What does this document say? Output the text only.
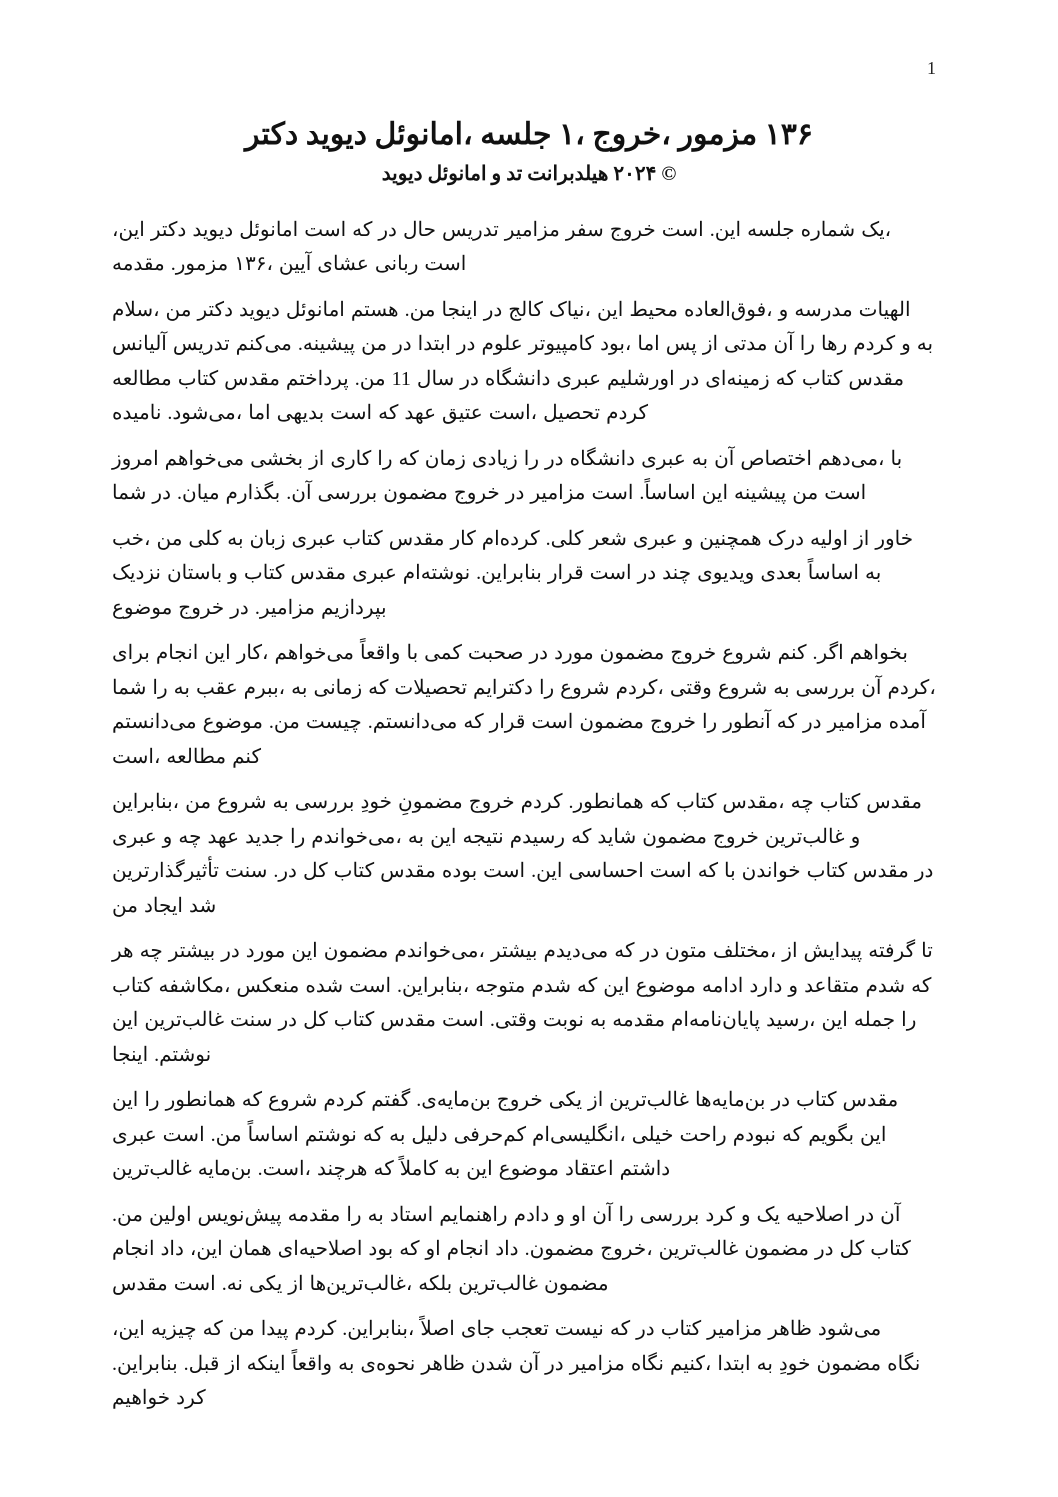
1
دکتر دیوید امانوئل، جلسه ۱، خروج، مزمور ۱۳۶
دیوید امانوئل و تد هیلدبرانت ۲۰۲۴ ©

،این دکتر دیوید امانوئل است که در حال تدریس مزامیر سفر خروج است .این جلسه شماره یک، مقدمه .مزمور ۱۳۶، آیین عشای ربانی است

سلام، من دکتر دیوید امانوئل هستم .من اینجا در کالج نیاک، این محیط فوق‌العاده، و مدرسه الهیات آلیانس تدریس می‌کنم .پیشینه من در ابتدا در علوم کامپیوتر بود، اما پس از مدتی آن را رها کردم و به مطالعه کتاب مقدس پرداختم .من 11 سال در دانشگاه عبری اورشلیم در زمینه‌ای که کتاب مقدس نامیده .می‌شود، اما بدیهی است که عهد عتیق است، تحصیل کردم

امروز می‌خواهم بخشی از کاری را که زمان زیادی را در دانشگاه عبری به آن اختصاص می‌دهم، با شما در .میان بگذارم .آن بررسی مضمون خروج در مزامیر است .اساساً این پیشینه من است

خب، من کلی به زبان عبری کتاب مقدس کار کرده‌ام .کلی شعر عبری و همچنین درک اولیه از خاور نزدیک باستان و کتاب مقدس عبری نوشته‌ام .بنابراین قرار است در چند ویدیوی بعدی اساساً به موضوع خروج در .مزامیر بپردازیم

برای انجام این کار، می‌خواهم واقعاً با کمی صحبت در مورد مضمون خروج شروع کنم .اگر بخواهم شما را به عقب ببرم، به زمانی که تحصیلات دکترایم را شروع کردم، وقتی شروع به بررسی آن کردم، می‌دانستم موضوع .من چیست .می‌دانستم که قرار است مضمون خروج را آنطور که در مزامیر آمده است، مطالعه کنم

بنابراین، من شروع به بررسی خودِ مضمونِ خروج کردم .همانطور که کتاب مقدس، چه کتاب مقدس عبری و چه عهد جدید را می‌خواندم، به این نتیجه رسیدم که شاید مضمون خروج غالب‌ترین و تأثیرگذارترین سنت .در کل کتاب مقدس بوده است .این احساسی است که با خواندن کتاب مقدس در من ایجاد شد

هر چه بیشتر در مورد این مضمون می‌خواندم، بیشتر می‌دیدم که در متون مختلف، از پیدایش گرفته تا کتاب مکاشفه، منعکس شده است .بنابراین، متوجه شدم که این موضوع ادامه دارد و متقاعد شدم که این غالب‌ترین سنت در کل کتاب مقدس است .وقتی نوبت به مقدمه پایان‌نامه‌ام رسید، این جمله را اینجا .نوشتم

این را همانطور که شروع کردم گفتم .بن‌مایه‌ی خروج یکی از غالب‌ترین بن‌مایه‌ها در کتاب مقدس عبری است .من اساساً نوشتم که به دلیل کم‌حرفی انگلیسی‌ام، خیلی راحت نبودم که بگویم این غالب‌ترین بن‌مایه .است، هرچند که کاملاً به این موضوع اعتقاد داشتم

.من اولین پیش‌نویس مقدمه را به استاد راهنمایم دادم و او آن را بررسی کرد و یک اصلاحیه در آن انجام داد ،این همان اصلاحیه‌ای بود که او انجام داد .مضمون خروج، غالب‌ترین مضمون در کل کتاب مقدس است .نه یکی از غالب‌ترین‌ها، بلکه غالب‌ترین مضمون

،این چیزیه که من پیدا کردم .بنابراین، اصلاً جای تعجب نیست که در کتاب مزامیر ظاهر می‌شود .بنابراین .قبل از اینکه واقعاً به نحوه‌ی ظاهر شدن آن در مزامیر نگاه کنیم، ابتدا به خودِ مضمون نگاه خواهیم کرد
